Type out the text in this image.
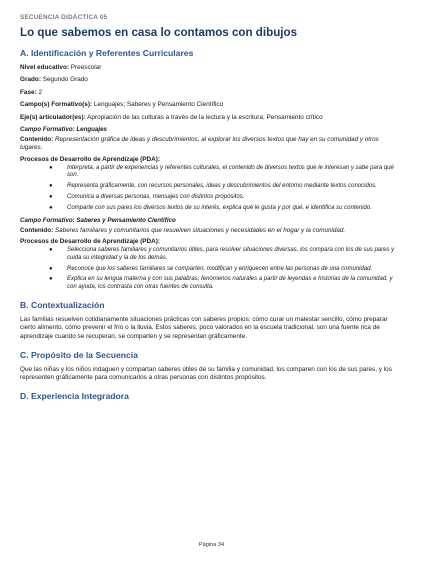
SECUENCIA DIDÁCTICA 05
Lo que sabemos en casa lo contamos con dibujos
A. Identificación y Referentes Curriculares
Nivel educativo: Preescolar
Grado: Segundo Grado
Fase: 2
Campo(s) Formativo(s): Lenguajes; Saberes y Pensamiento Científico
Eje(s) articulador(es): Apropiación de las culturas a través de la lectura y la escritura; Pensamiento crítico
Campo Formativo: Lenguajes
Contenido: Representación gráfica de ideas y descubrimientos, al explorar los diversos textos que hay en su comunidad y otros lugares.
Procesos de Desarrollo de Aprendizaje (PDA):
● Interpreta, a partir de experiencias y referentes culturales, el contenido de diversos textos que le interesan y sabe para qué son.
● Representa gráficamente, con recursos personales, ideas y descubrimientos del entorno mediante textos conocidos.
● Comunica a diversas personas, mensajes con distintos propósitos.
● Comparte con sus pares los diversos textos de su interés, explica qué le gusta y por qué, e identifica su contenido.
Campo Formativo: Saberes y Pensamiento Científico
Contenido: Saberes familiares y comunitarios que resuelven situaciones y necesidades en el hogar y la comunidad.
Procesos de Desarrollo de Aprendizaje (PDA):
● Selecciona saberes familiares y comunitarios útiles, para resolver situaciones diversas, los compara con los de sus pares y cuida su integridad y la de los demás.
● Reconoce que los saberes familiares se comparten, modifican y enriquecen entre las personas de una comunidad.
● Explica en su lengua materna y con sus palabras, fenómenos naturales a partir de leyendas e historias de la comunidad, y con ayuda, los contrasta con otras fuentes de consulta.
B. Contextualización
Las familias resuelven cotidianamente situaciones prácticas con saberes propios: cómo curar un malestar sencillo, cómo preparar cierto alimento, cómo prevenir el frío o la lluvia. Estos saberes, poco valorados en la escuela tradicional, son una fuente rica de aprendizaje cuando se recuperan, se comparten y se representan gráficamente.
C. Propósito de la Secuencia
Que las niñas y los niños indaguen y compartan saberes útiles de su familia y comunidad, los comparen con los de sus pares, y los representen gráficamente para comunicarlos a otras personas con distintos propósitos.
D. Experiencia Integradora
Página 34
